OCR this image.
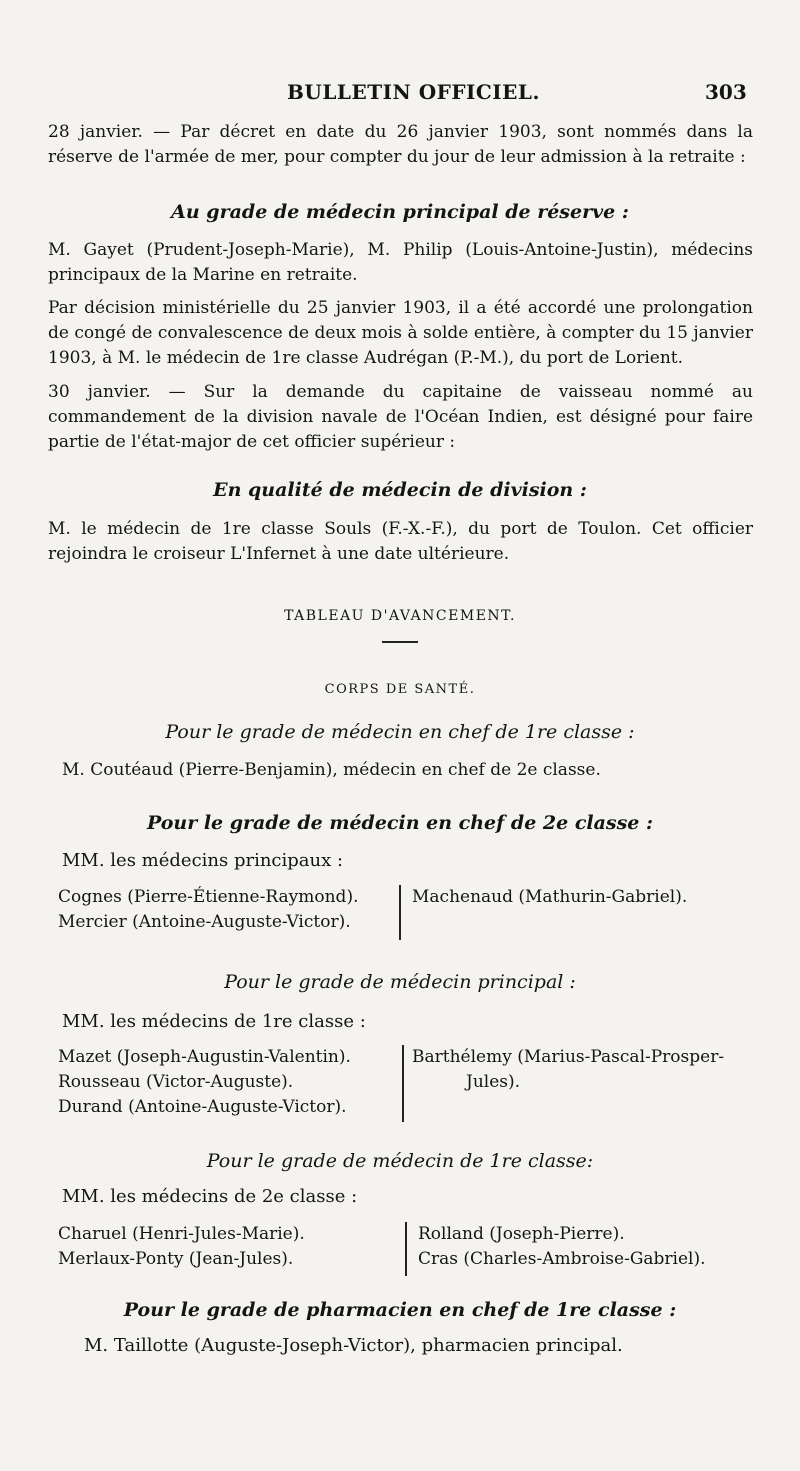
BULLETIN OFFICIEL.	303

28 janvier. — Par décret en date du 26 janvier 1903, sont nommés dans la réserve de l'armée de mer, pour compter du jour de leur admission à la retraite :

Au grade de médecin principal de réserve :

M. Gayet (Prudent-Joseph-Marie), M. Philip (Louis-Antoine-Justin), médecins principaux de la Marine en retraite.

Par décision ministérielle du 25 janvier 1903, il a été accordé une prolongation de congé de convalescence de deux mois à solde entière, à compter du 15 janvier 1903, à M. le médecin de 1re classe Audrégan (P.-M.), du port de Lorient.

30 janvier. — Sur la demande du capitaine de vaisseau nommé au commandement de la division navale de l'Océan Indien, est désigné pour faire partie de l'état-major de cet officier supérieur :

En qualité de médecin de division :

M. le médecin de 1re classe Souls (F.-X.-F.), du port de Toulon. Cet officier rejoindra le croiseur L'Infernet à une date ultérieure.

TABLEAU D'AVANCEMENT.

CORPS DE SANTÉ.

Pour le grade de médecin en chef de 1re classe :

M. Coutéaud (Pierre-Benjamin), médecin en chef de 2e classe.

Pour le grade de médecin en chef de 2e classe :

MM. les médecins principaux :

Cognes (Pierre-Étienne-Raymond).
Mercier (Antoine-Auguste-Victor).
Machenaud (Mathurin-Gabriel).

Pour le grade de médecin principal :

MM. les médecins de 1re classe :

Mazet (Joseph-Augustin-Valentin).
Rousseau (Victor-Auguste).
Durand (Antoine-Auguste-Victor).
Barthélemy (Marius-Pascal-Prosper-
Jules).

Pour le grade de médecin de 1re classe:

MM. les médecins de 2e classe :

Charuel (Henri-Jules-Marie).
Merlaux-Ponty (Jean-Jules).
Rolland (Joseph-Pierre).
Cras (Charles-Ambroise-Gabriel).

Pour le grade de pharmacien en chef de 1re classe :

M. Taillotte (Auguste-Joseph-Victor), pharmacien principal.
